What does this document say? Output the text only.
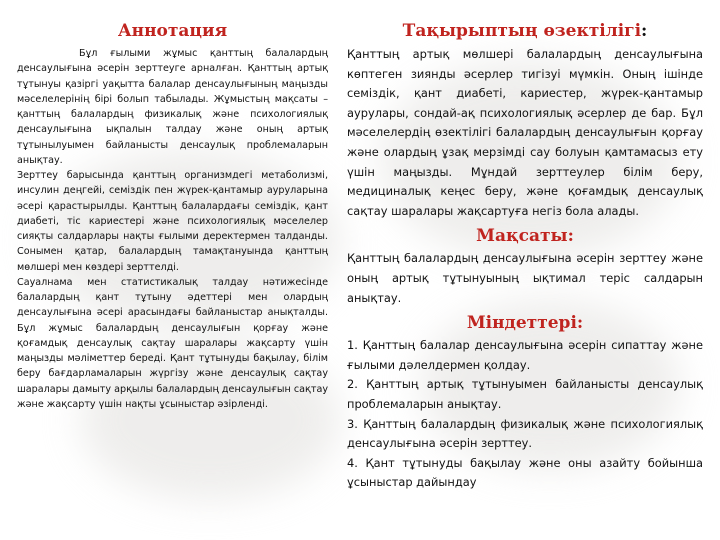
Аннотация

Бұл ғылыми жұмыс қанттың балалардың денсаулығына әсерін зерттеуге арналған. Қанттың артық тұтынуы қазіргі уақытта балалар денсаулығының маңызды мәселелерінің бірі болып табылады. Жұмыстың мақсаты – қанттың балалардың физикалық және психологиялық денсаулығына ықпалын талдау және оның артық тұтынылуымен байланысты денсаулық проблемаларын анықтау.

Зерттеу барысында қанттың организмдегі метаболизмі, инсулин деңгейі, семіздік пен жүрек-қантамыр ауруларына әсері қарастырылды. Қанттың балалардағы семіздік, қант диабеті, тіс кариестері және психологиялық мәселелер сияқты салдарлары нақты ғылыми деректермен талданды. Сонымен қатар, балалардың тамақтануында қанттың мөлшері мен көздері зерттелді.

Сауалнама мен статистикалық талдау нәтижесінде балалардың қант тұтыну әдеттері мен олардың денсаулығына әсері арасындағы байланыстар анықталды. Бұл жұмыс балалардың денсаулығын қорғау және қоғамдық денсаулық сақтау шаралары жақсарту үшін маңызды мәліметтер береді. Қант тұтынуды бақылау, білім беру бағдарламаларын жүргізу және денсаулық сақтау шаралары дамыту арқылы балалардың денсаулығын сақтау және жақсарту үшін нақты ұсыныстар әзірленді.

Тақырыптың өзектілігі:

Қанттың артық мөлшері балалардың денсаулығына көптеген зиянды әсерлер тигізуі мүмкін. Оның ішінде семіздік, қант диабеті, кариестер, жүрек-қантамыр аурулары, сондай-ақ психологиялық әсерлер де бар. Бұл мәселелердің өзектілігі балалардың денсаулығын қорғау және олардың ұзақ мерзімді сау болуын қамтамасыз ету үшін маңызды. Мұндай зерттеулер білім беру, медициналық кеңес беру, және қоғамдық денсаулық сақтау шаралары жақсартуға негіз бола алады.

Мақсаты:

Қанттың балалардың денсаулығына әсерін зерттеу және оның артық тұтынуының ықтимал теріс салдарын анықтау.

Міндеттері:

1. Қанттың балалар денсаулығына әсерін сипаттау және ғылыми дәлелдермен қолдау.

2. Қанттың артық тұтынуымен байланысты денсаулық проблемаларын анықтау.

3. Қанттың балалардың физикалық және психологиялық денсаулығына әсерін зерттеу.

4. Қант тұтынуды бақылау және оны азайту бойынша ұсыныстар дайындау
